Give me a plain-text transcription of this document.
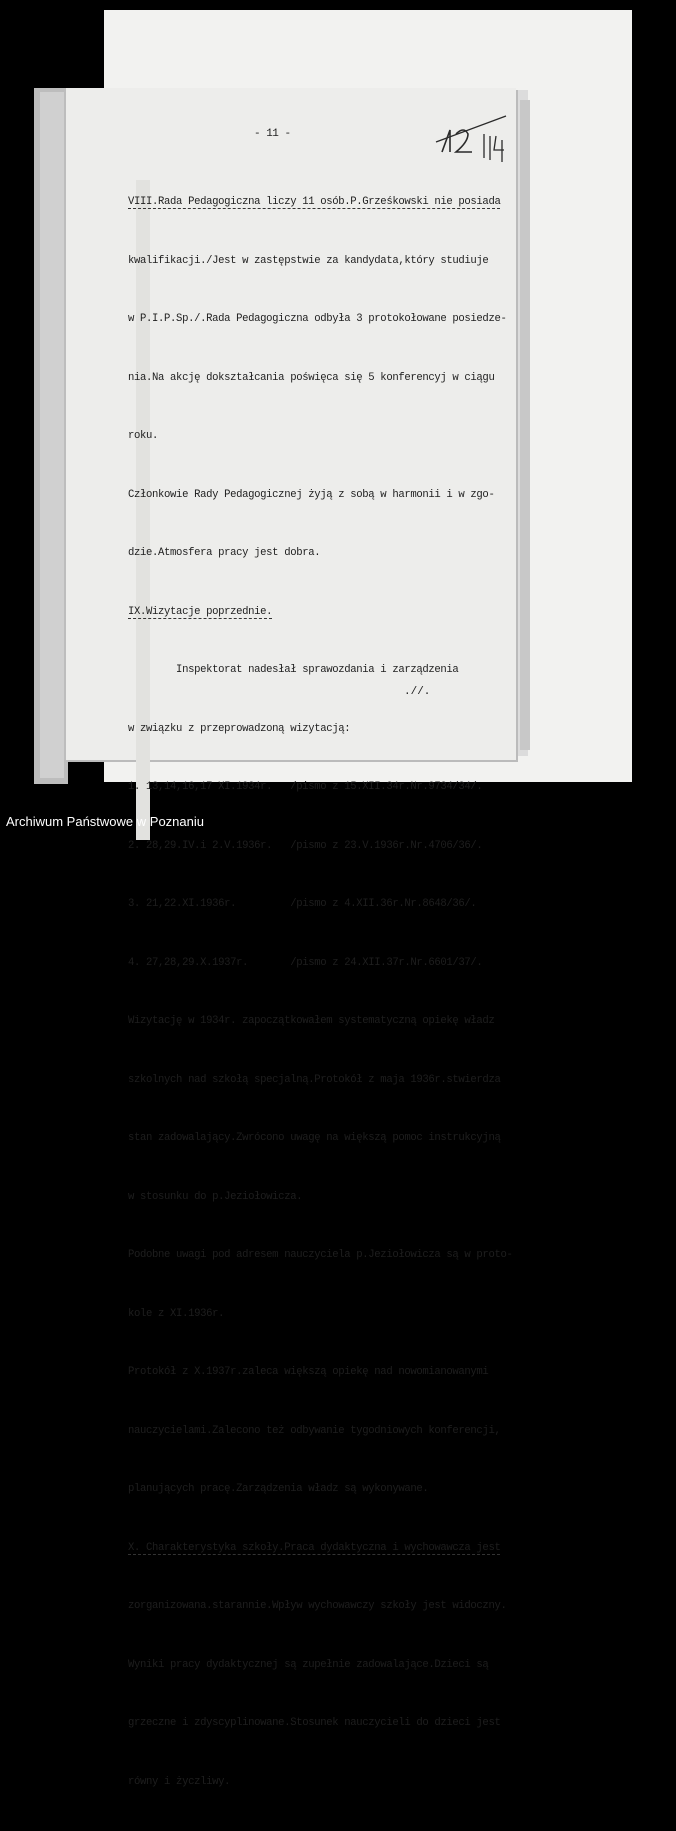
- 11 -

VIII.Rada Pedagogiczna liczy 11 osób.P.Grześkowski nie posiada

kwalifikacji./Jest w zastępstwie za kandydata,który studiuje

w P.I.P.Sp./.Rada Pedagogiczna odbyła 3 protokołowane posiedze-

nia.Na akcję dokształcania poświęca się 5 konferencyj w ciągu

roku.

Członkowie Rady Pedagogicznej żyją z sobą w harmonii i w zgo-

dzie.Atmosfera pracy jest dobra.

IX.Wizytacje poprzednie.

Inspektorat nadesłał sprawozdania i zarządzenia

w związku z przeprowadzoną wizytacją:

1. 13,14,16,17 XI.1934r.   /pismo z 15.XII.34r.Nr.9734/34/.

2. 28,29.IV.i 2.V.1936r.   /pismo z 23.V.1936r.Nr.4706/36/.

3. 21,22.XI.1936r.         /pismo z 4.XII.36r.Nr.8648/36/.

4. 27,28,29.X.1937r.       /pismo z 24.XII.37r.Nr.6601/37/.

Wizytację w 1934r. zapoczątkowałem systematyczną opiekę władz

szkolnych nad szkołą specjalną.Protokół z maja 1936r.stwierdza

stan zadowalający.Zwrócono uwagę na większą pomoc instrukcyjną

w stosunku do p.Jeziołowicza.

Podobne uwagi pod adresem nauczyciela p.Jeziołowicza są w proto-

kole z XI.1936r.

Protokół z X.1937r.zaleca większą opiekę nad nowomianowanymi

nauczycielami.Zalecono też odbywanie tygodniowych konferencji,

planujących pracę.Zarządzenia władz są wykonywane.

X. Charakterystyka szkoły.Praca dydaktyczna i wychowawcza jest

zorganizowana.starannie.Wpływ wychowawczy szkoły jest widoczny.

Wyniki pracy dydaktycznej są zupełnie zadowalające.Dzieci są

grzeczne i zdyscyplinowane.Stosunek nauczycieli do dzieci jest

równy i życzliwy.

.//.
Archiwum Państwowe w Poznaniu
